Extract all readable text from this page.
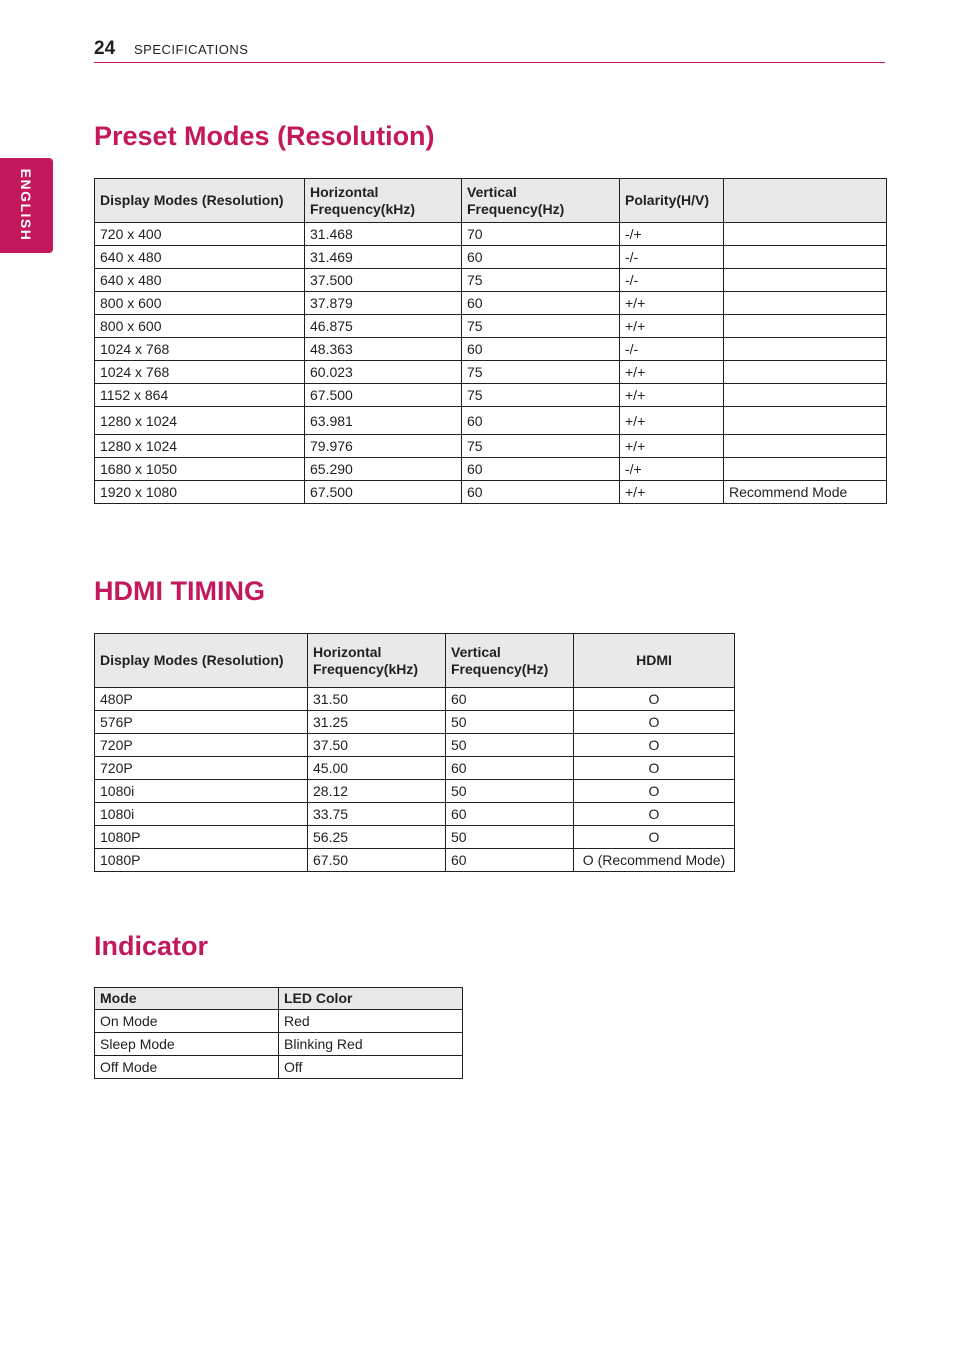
24 SPECIFICATIONS
ENGLISH
Preset Modes (Resolution)
Display Modes (Resolution)	Horizontal Frequency(kHz)	Vertical Frequency(Hz)	Polarity(H/V)	
720 x 400	31.468	70	-/+	
640 x 480	31.469	60	-/-	
640 x 480	37.500	75	-/-	
800 x 600	37.879	60	+/+	
800 x 600	46.875	75	+/+	
1024 x 768	48.363	60	-/-	
1024 x 768	60.023	75	+/+	
1152 x 864	67.500	75	+/+	
1280 x 1024	63.981	60	+/+	
1280 x 1024	79.976	75	+/+	
1680 x 1050	65.290	60	-/+	
1920 x 1080	67.500	60	+/+	Recommend Mode
HDMI TIMING
Display Modes (Resolution)	Horizontal Frequency(kHz)	Vertical Frequency(Hz)	HDMI
480P	31.50	60	O
576P	31.25	50	O
720P	37.50	50	O
720P	45.00	60	O
1080i	28.12	50	O
1080i	33.75	60	O
1080P	56.25	50	O
1080P	67.50	60	O (Recommend Mode)
Indicator
Mode	LED Color
On Mode	Red
Sleep Mode	Blinking Red
Off Mode	Off
